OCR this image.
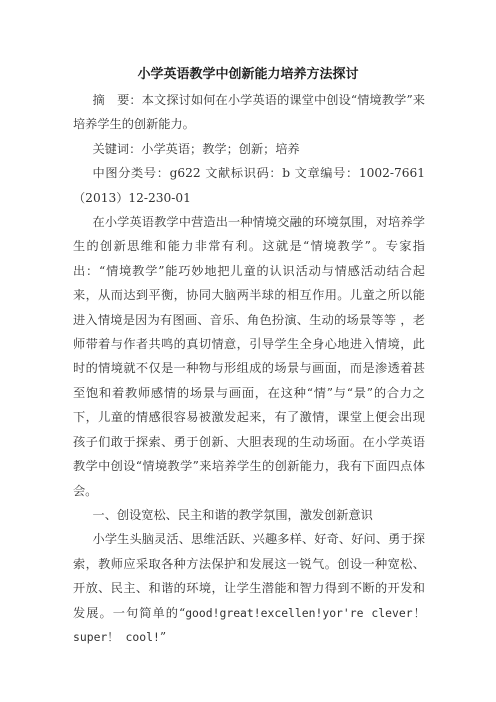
小学英语教学中创新能力培养方法探讨

摘　要：本文探讨如何在小学英语的课堂中创设“情境教学”来培养学生的创新能力。

关键词：小学英语；教学；创新；培养

中图分类号：g622 文献标识码：b 文章编号：1002-7661（2013）12-230-01

在小学英语教学中营造出一种情境交融的环境氛围，对培养学生的创新思维和能力非常有利。这就是“情境教学”。专家指出：“情境教学”能巧妙地把儿童的认识活动与情感活动结合起来，从而达到平衡，协同大脑两半球的相互作用。儿童之所以能进入情境是因为有图画、音乐、角色扮演、生动的场景等等 ，老师带着与作者共鸣的真切情意，引导学生全身心地进入情境，此时的情境就不仅是一种物与形组成的场景与画面，而是渗透着甚至饱和着教师感情的场景与画面，在这种“情”与“景”的合力之下，儿童的情感很容易被激发起来，有了激情，课堂上便会出现孩子们敢于探索、勇于创新、大胆表现的生动场面。在小学英语教学中创设“情境教学”来培养学生的创新能力，我有下面四点体会。

一、创设宽松、民主和谐的教学氛围，激发创新意识

小学生头脑灵活、思维活跃、兴趣多样、好奇、好问、勇于探索，教师应采取各种方法保护和发展这一锐气。创设一种宽松、开放、民主、和谐的环境，让学生潜能和智力得到不断的开发和发展。一句简单的“good!great!excellen!yor're clever！ super！ cool!”
